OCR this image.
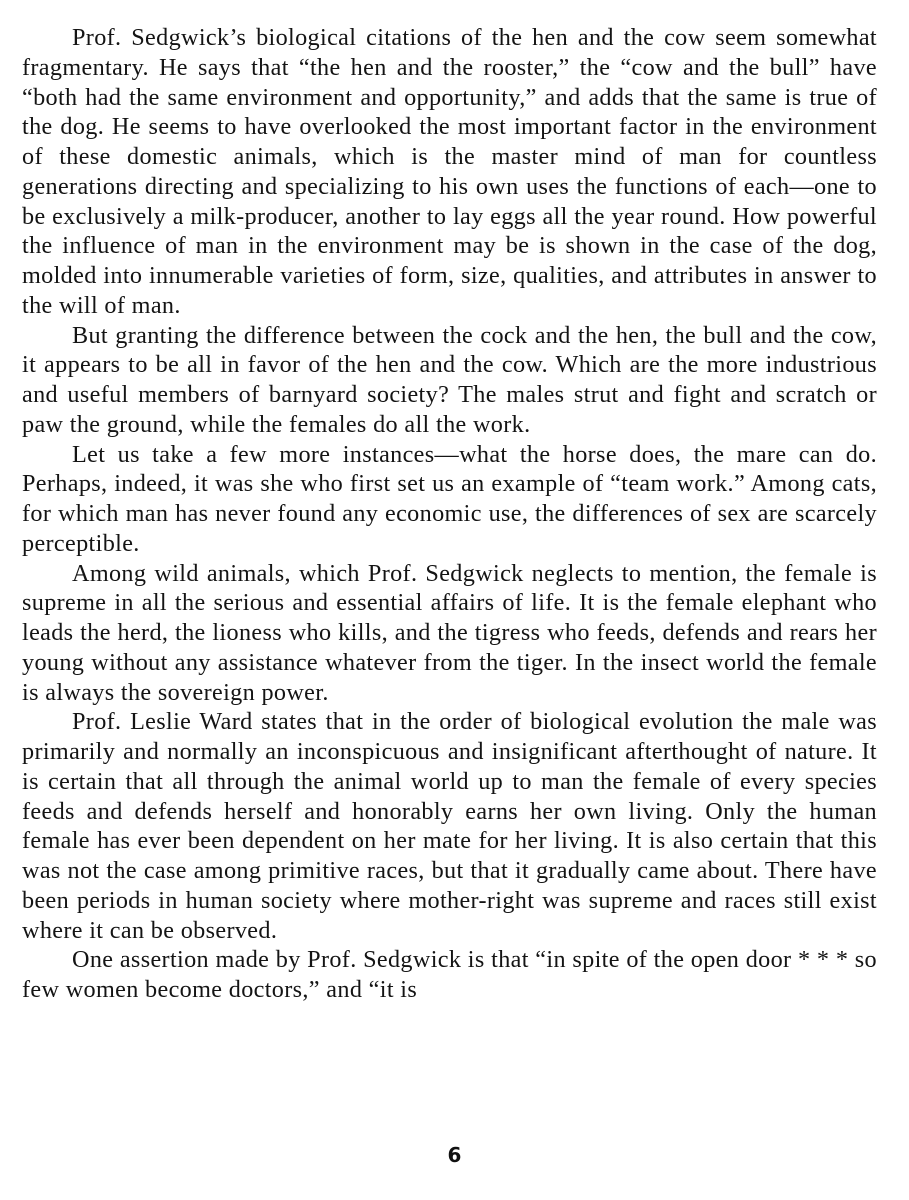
Prof. Sedgwick’s biological citations of the hen and the cow seem somewhat fragmentary. He says that “the hen and the rooster,” the “cow and the bull” have “both had the same environment and opportunity,” and adds that the same is true of the dog. He seems to have overlooked the most important factor in the environment of these domestic animals, which is the master mind of man for countless generations directing and specializing to his own uses the functions of each—one to be exclusively a milk-producer, another to lay eggs all the year round. How powerful the influence of man in the environment may be is shown in the case of the dog, molded into innumerable varieties of form, size, qualities, and attributes in answer to the will of man.

But granting the difference between the cock and the hen, the bull and the cow, it appears to be all in favor of the hen and the cow. Which are the more industrious and useful members of barnyard society? The males strut and fight and scratch or paw the ground, while the females do all the work.

Let us take a few more instances—what the horse does, the mare can do. Perhaps, indeed, it was she who first set us an example of “team work.” Among cats, for which man has never found any economic use, the differences of sex are scarcely perceptible.

Among wild animals, which Prof. Sedgwick neglects to mention, the female is supreme in all the serious and essential affairs of life. It is the female elephant who leads the herd, the lioness who kills, and the tigress who feeds, defends and rears her young without any assistance whatever from the tiger. In the insect world the female is always the sovereign power.

Prof. Leslie Ward states that in the order of biological evolution the male was primarily and normally an inconspicuous and insignificant afterthought of nature. It is certain that all through the animal world up to man the female of every species feeds and defends herself and honorably earns her own living. Only the human female has ever been dependent on her mate for her living. It is also certain that this was not the case among primitive races, but that it gradually came about. There have been periods in human society where mother-right was supreme and races still exist where it can be observed.

One assertion made by Prof. Sedgwick is that “in spite of the open door * * * so few women become doctors,” and “it is

6
